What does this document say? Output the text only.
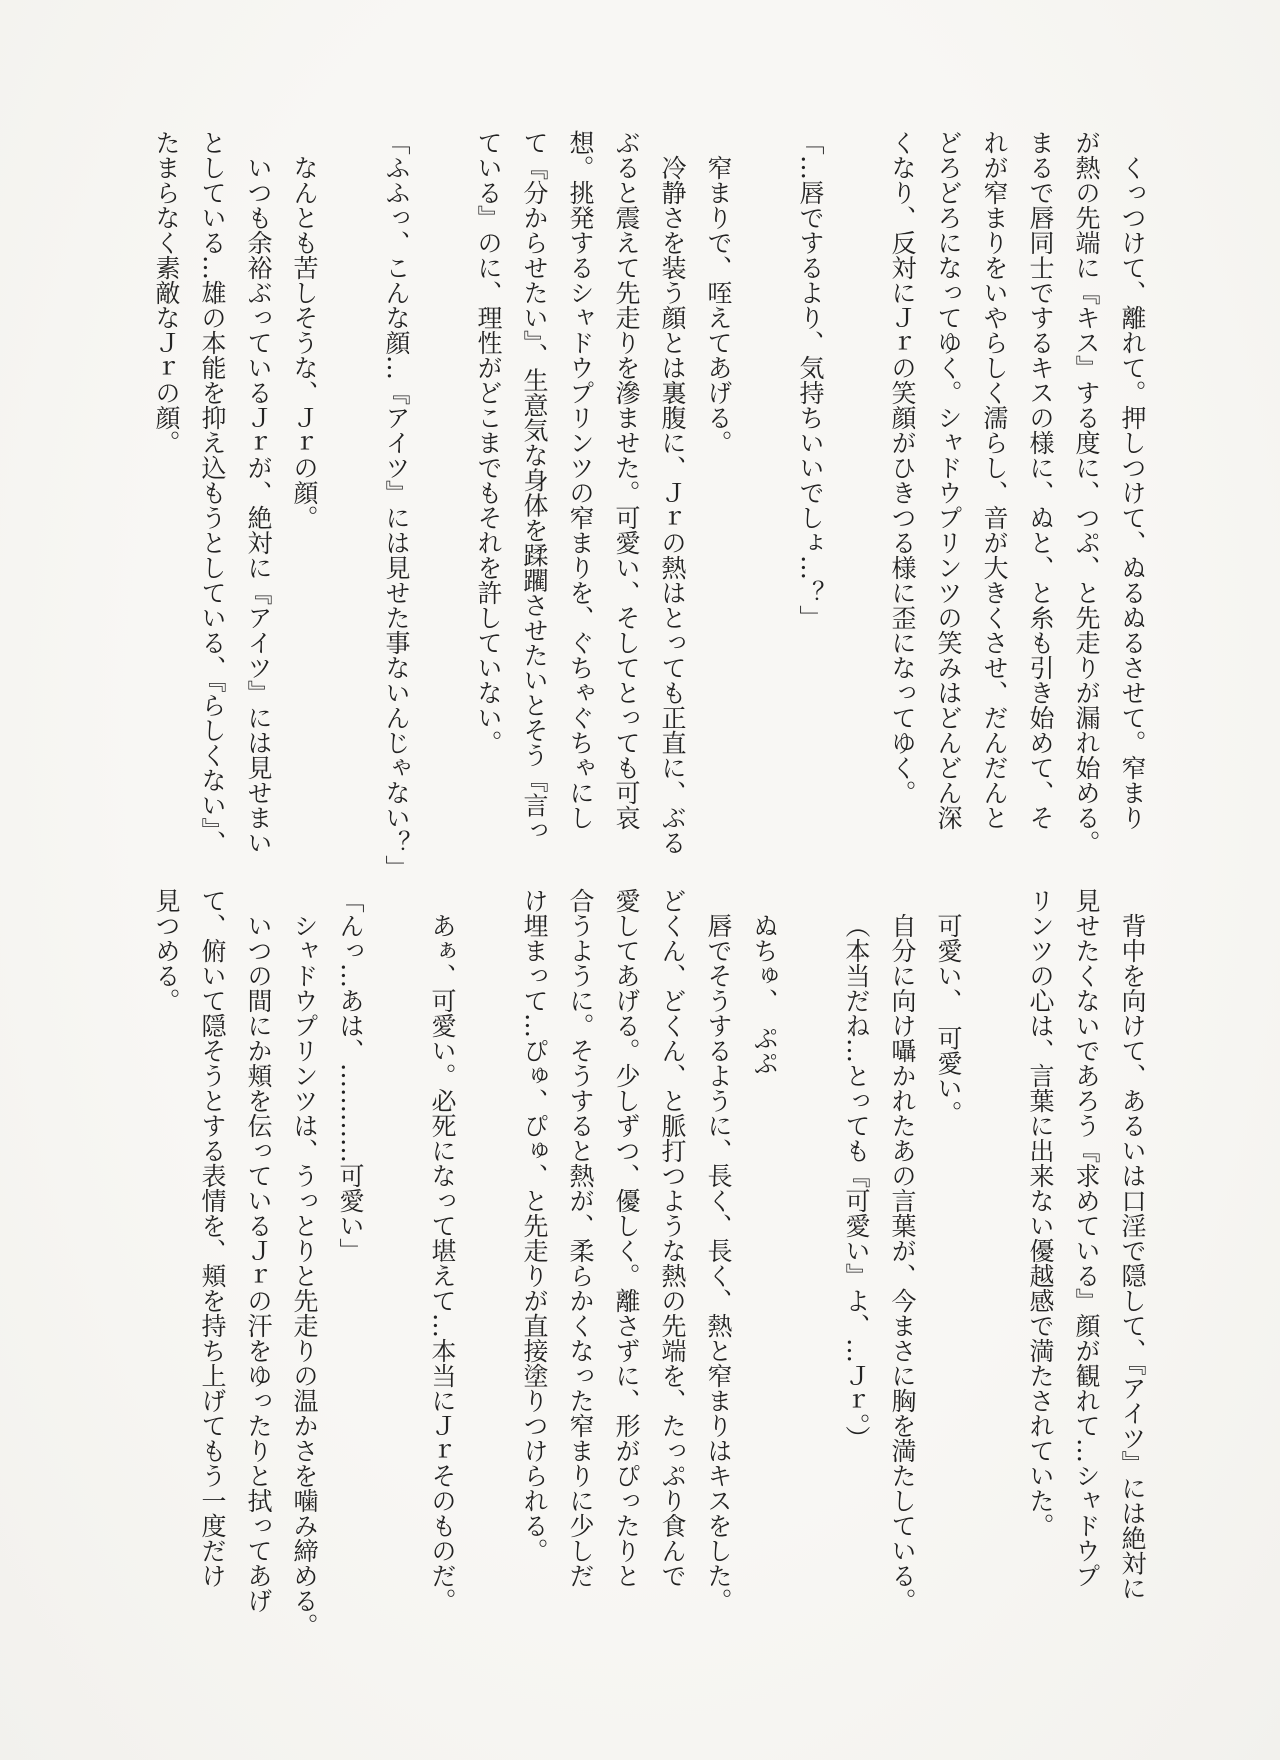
くっつけて、離れて。押しつけて、ぬるぬるさせて。窄まり

が熱の先端に『キス』する度に、つぷ、と先走りが漏れ始める。

まるで唇同士でするキスの様に、ぬと、と糸も引き始めて、そ

れが窄まりをいやらしく濡らし、音が大きくさせ、だんだんと

どろどろになってゆく。シャドウプリンツの笑みはどんどん深

くなり、反対にＪｒの笑顔がひきつる様に歪になってゆく。

「…唇でするより、気持ちいいでしょ…？」

窄まりで、咥えてあげる。

冷静さを装う顔とは裏腹に、Ｊｒの熱はとっても正直に、ぶる

ぶると震えて先走りを滲ませた。可愛い、そしてとっても可哀

想。挑発するシャドウプリンツの窄まりを、ぐちゃぐちゃにし

て『分からせたい』、生意気な身体を蹂躙させたいとそう『言っ

ている』のに、理性がどこまでもそれを許していない。

「ふふっ、こんな顔…『アイツ』には見せた事ないんじゃない？」

なんとも苦しそうな、Ｊｒの顔。

いつも余裕ぶっているＪｒが、絶対に『アイツ』には見せまい

としている…雄の本能を抑え込もうとしている、『らしくない』、

たまらなく素敵なＪｒの顔。

背中を向けて、あるいは口淫で隠して、『アイツ』には絶対に

見せたくないであろう『求めている』顔が観れて…シャドウプ

リンツの心は、言葉に出来ない優越感で満たされていた。

可愛い、　可愛い。

自分に向け囁かれたあの言葉が、今まさに胸を満たしている。

（本当だね…とっても『可愛い』よ、…Ｊｒ。）

ぬちゅ、　ぷぷ

唇でそうするように、長く、長く、熱と窄まりはキスをした。

どくん、どくん、と脈打つような熱の先端を、たっぷり食んで

愛してあげる。少しずつ、優しく。離さずに、形がぴったりと

合うように。そうすると熱が、柔らかくなった窄まりに少しだ

け埋まって…ぴゅ、ぴゅ、と先走りが直接塗りつけられる。

あぁ、可愛い。必死になって堪えて…本当にＪｒそのものだ。

「んっ…あは、…………可愛い」

シャドウプリンツは、うっとりと先走りの温かさを噛み締める。

いつの間にか頬を伝っているＪｒの汗をゆったりと拭ってあげ

て、俯いて隠そうとする表情を、頬を持ち上げてもう一度だけ

見つめる。
